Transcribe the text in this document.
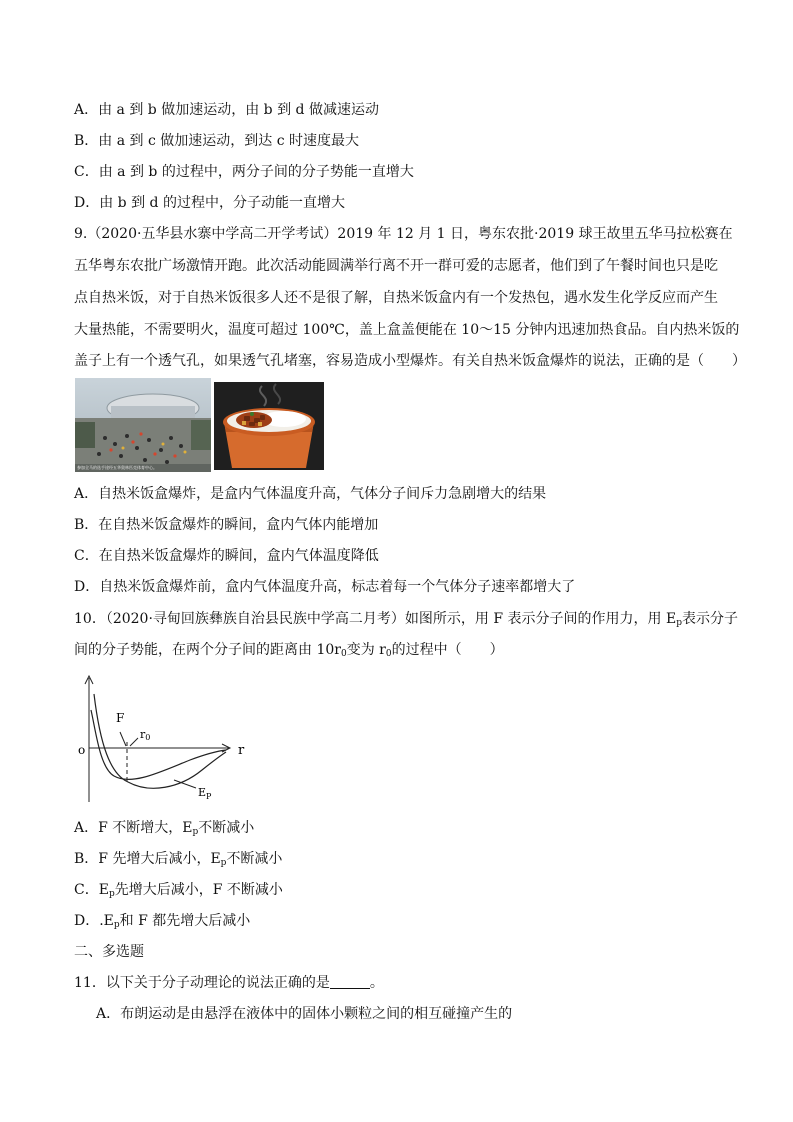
A．由 a 到 b 做加速运动，由 b 到 d 做减速运动
B．由 a 到 c 做加速运动，到达 c 时速度最大
C．由 a 到 b 的过程中，两分子间的分子势能一直增大
D．由 b 到 d 的过程中，分子动能一直增大
9.（2020·五华县水寨中学高二开学考试）2019 年 12 月 1 日，粤东农批·2019 球王故里五华马拉松赛在
五华粤东农批广场激情开跑。此次活动能圆满举行离不开一群可爱的志愿者，他们到了午餐时间也只是吃
点自热米饭，对于自热米饭很多人还不是很了解，自热米饭盒内有一个发热包，遇水发生化学反应而产生
大量热能，不需要明火，温度可超过 100℃，盖上盒盖便能在 10～15 分钟内迅速加热食品。自内热米饭的
盖子上有一个透气孔，如果透气孔堵塞，容易造成小型爆炸。有关自热米饭盒爆炸的说法，正确的是（　　）
参加全马的选手途经五华奥林匹克体育中心。
A．自热米饭盒爆炸，是盒内气体温度升高，气体分子间斥力急剧增大的结果
B．在自热米饭盒爆炸的瞬间，盒内气体内能增加
C．在自热米饭盒爆炸的瞬间，盒内气体温度降低
D．自热米饭盒爆炸前，盒内气体温度升高，标志着每一个气体分子速率都增大了
10．（2020·寻甸回族彝族自治县民族中学高二月考）如图所示，用 F 表示分子间的作用力，用 $E_p$表示分子
间的分子势能，在两个分子间的距离由 $10r_0$变为 $r_0$的过程中（　　）
o	r
F
r0
$E_P$
A．F 不断增大，$E_p$不断减小
B．F 先增大后减小，$E_p$不断减小
C．$E_p$先增大后减小，F 不断减小
D．$.E_p$和 F 都先增大后减小
二、多选题
11．以下关于分子动理论的说法正确的是	。
A．布朗运动是由悬浮在液体中的固体小颗粒之间的相互碰撞产生的
